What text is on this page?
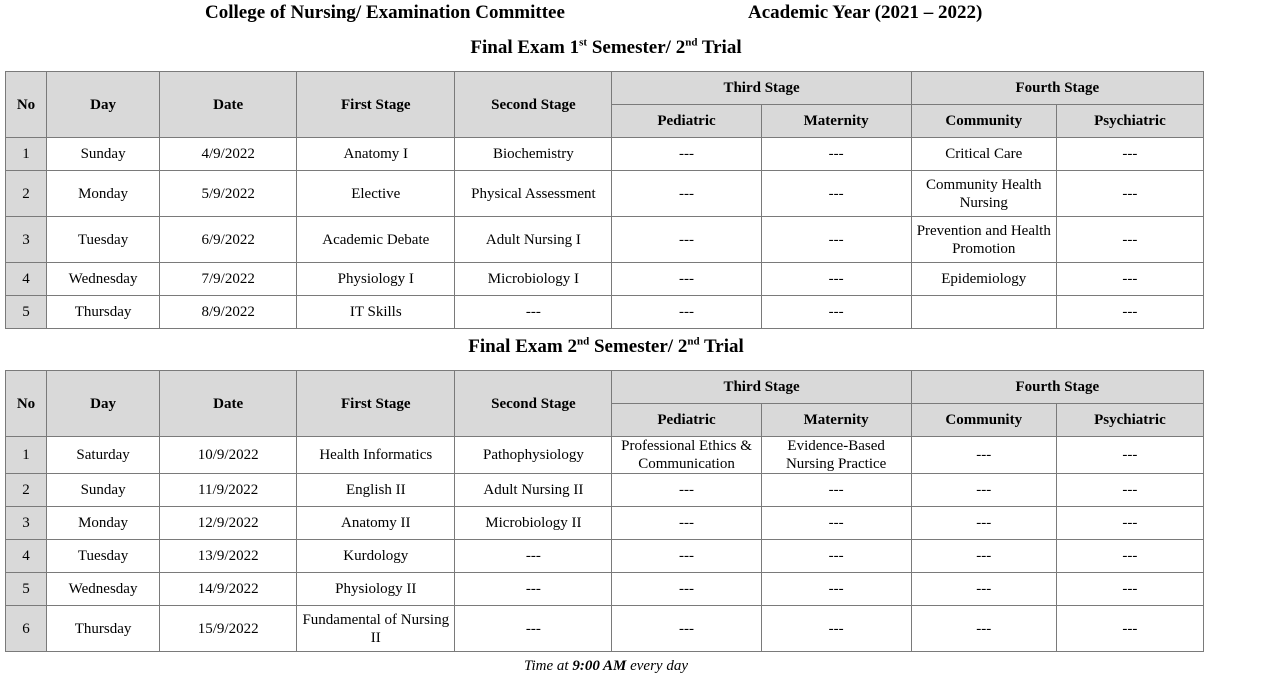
College of Nursing/ Examination Committee	Academic Year (2021 – 2022)
Final Exam 1st Semester/ 2nd Trial
No	Day	Date	First Stage	Second Stage	Third Stage		Fourth Stage	
					Pediatric	Maternity	Community	Psychiatric
1	Sunday	4/9/2022	Anatomy I	Biochemistry	---	---	Critical Care	---
2	Monday	5/9/2022	Elective	Physical Assessment	---	---	Community Health Nursing	---
3	Tuesday	6/9/2022	Academic Debate	Adult Nursing I	---	---	Prevention and Health Promotion	---
4	Wednesday	7/9/2022	Physiology I	Microbiology I	---	---	Epidemiology	---
5	Thursday	8/9/2022	IT Skills	---	---	---		---
Final Exam 2nd Semester/ 2nd Trial
No	Day	Date	First Stage	Second Stage	Third Stage		Fourth Stage	
					Pediatric	Maternity	Community	Psychiatric
1	Saturday	10/9/2022	Health Informatics	Pathophysiology	Professional Ethics & Communication	Evidence-Based Nursing Practice	---	---
2	Sunday	11/9/2022	English II	Adult Nursing II	---	---	---	---
3	Monday	12/9/2022	Anatomy II	Microbiology II	---	---	---	---
4	Tuesday	13/9/2022	Kurdology	---	---	---	---	---
5	Wednesday	14/9/2022	Physiology II	---	---	---	---	---
6	Thursday	15/9/2022	Fundamental of Nursing II	---	---	---	---	---
Time at 9:00 AM every day
